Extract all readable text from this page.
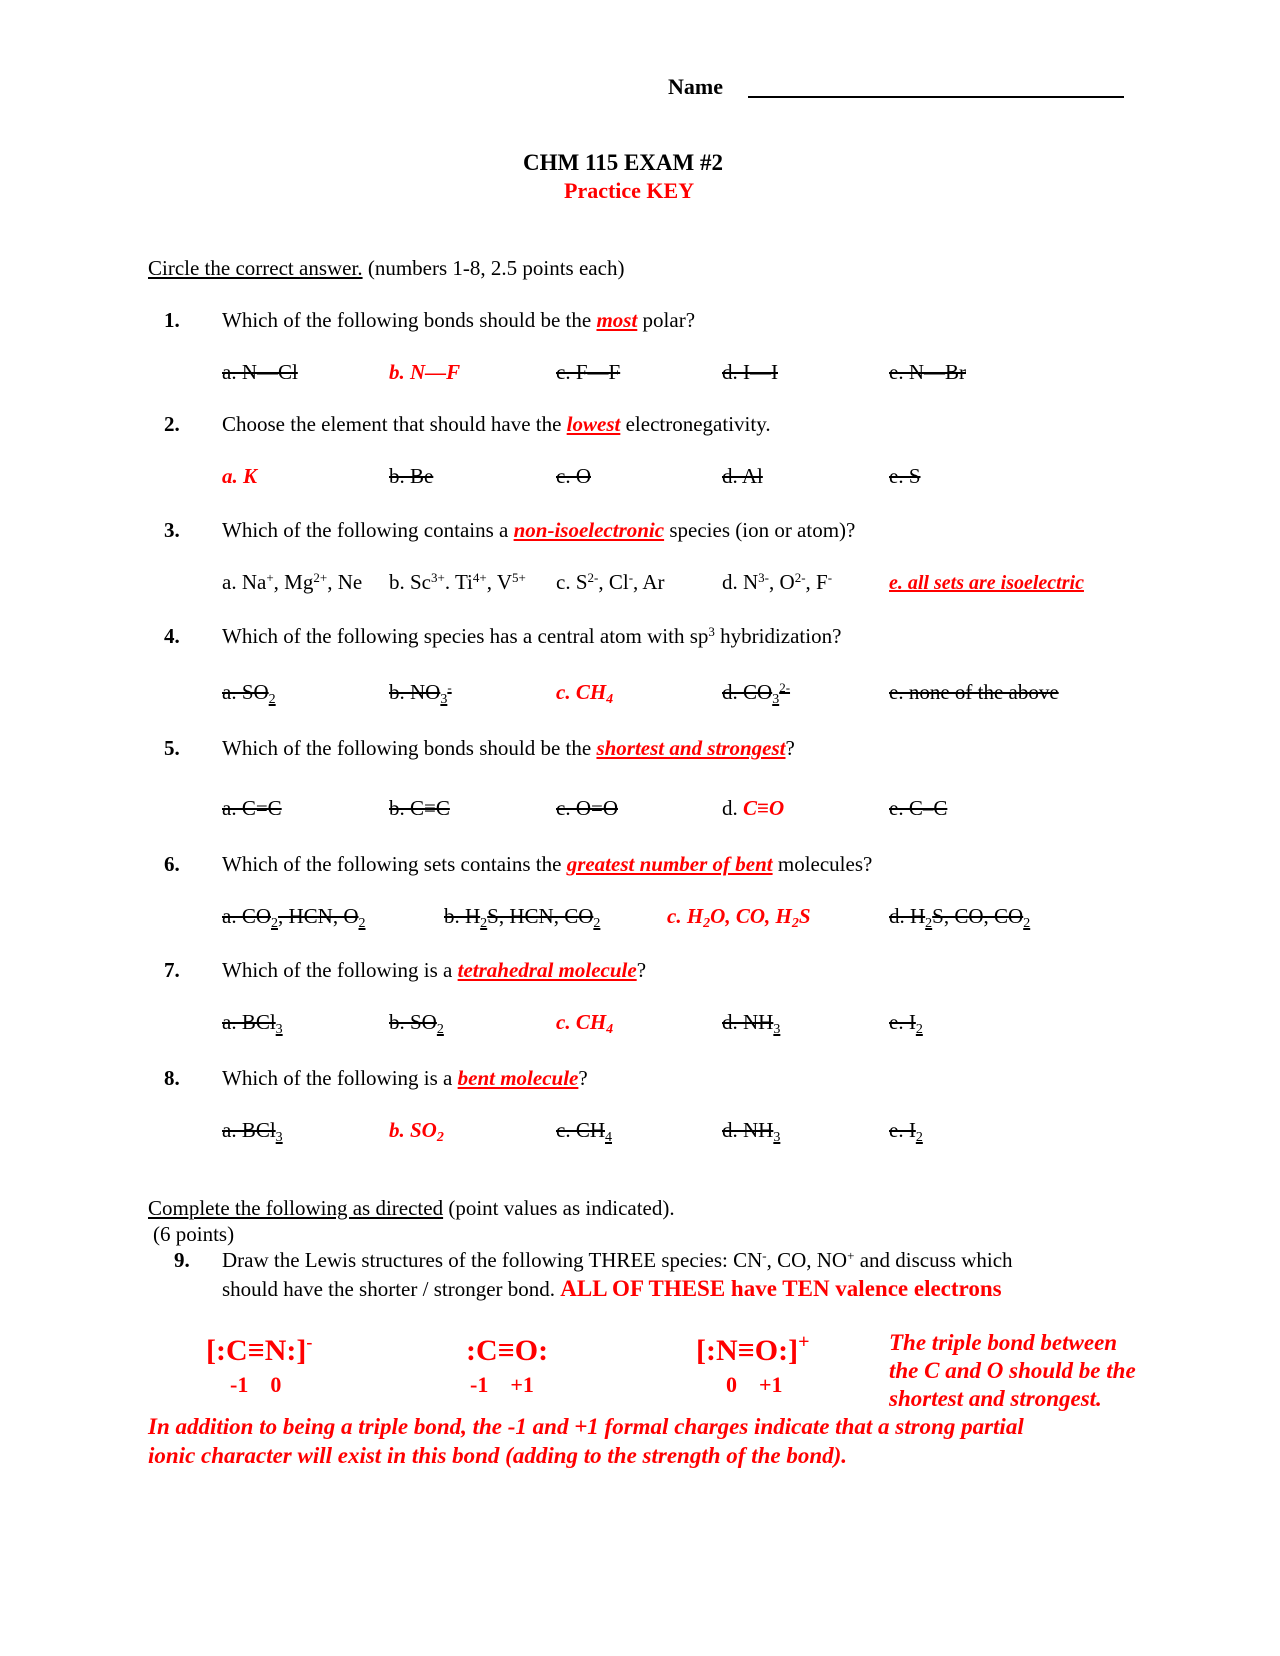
Name
CHM 115 EXAM #2
Practice KEY
Circle the correct answer. (numbers 1-8, 2.5 points each)
1. Which of the following bonds should be the most polar?
a. N—Cl	b. N—F	c. F—F	d. I—I	e. N—Br
2. Choose the element that should have the lowest electronegativity.
a. K	b. Be	c. O	d. Al	e. S
3. Which of the following contains a non-isoelectronic species (ion or atom)?
a. Na+, $Mg^{2+}$, Ne b. $Sc^{3+}$. $Ti^{4+}$, $V^{5+}$ c. $S^{2-}$, Cl-, Ar	d. $N^{3-}$, $O^{2-}$, F-	e. all sets are isoelectric
4. Which of the following species has a central atom with $sp^3$ hybridization?
a. $SO_2$	b. $NO_3^-$	c. $CH_4$	d. $CO_3^{2-}$	e. none of the above
5. Which of the following bonds should be the shortest and strongest?
a. C=C	b. C≡C	c. O=O	d. C≡O	e. C–C
6. Which of the following sets contains the greatest number of bent molecules?
a. $CO_2$, HCN, $O_2$	b. $H_2S$, HCN, $CO_2$	c. $H_2O$, CO, $H_2S$	d. $H_2S$, CO, $CO_2$
7. Which of the following is a tetrahedral molecule?
a. BCl$_3$	b. $SO_2$	c. $CH_4$	d. $NH_3$	e. $I_2$
8. Which of the following is a bent molecule?
a. BCl$_3$	b. $SO_2$	c. $CH_4$	d. $NH_3$	e. $I_2$
Complete the following as directed (point values as indicated).
(6 points)
9. Draw the Lewis structures of the following THREE species: CN-, CO, NO+ and discuss which
should have the shorter / stronger bond. ALL OF THESE have TEN valence electrons
[:C≡N:]-
-1    0
:C≡O:
-1    +1
[:N≡O:]+
0    +1
The triple bond between
the C and O should be the
shortest and strongest.
In addition to being a triple bond, the -1 and +1 formal charges indicate that a strong partial
ionic character will exist in this bond (adding to the strength of the bond).
